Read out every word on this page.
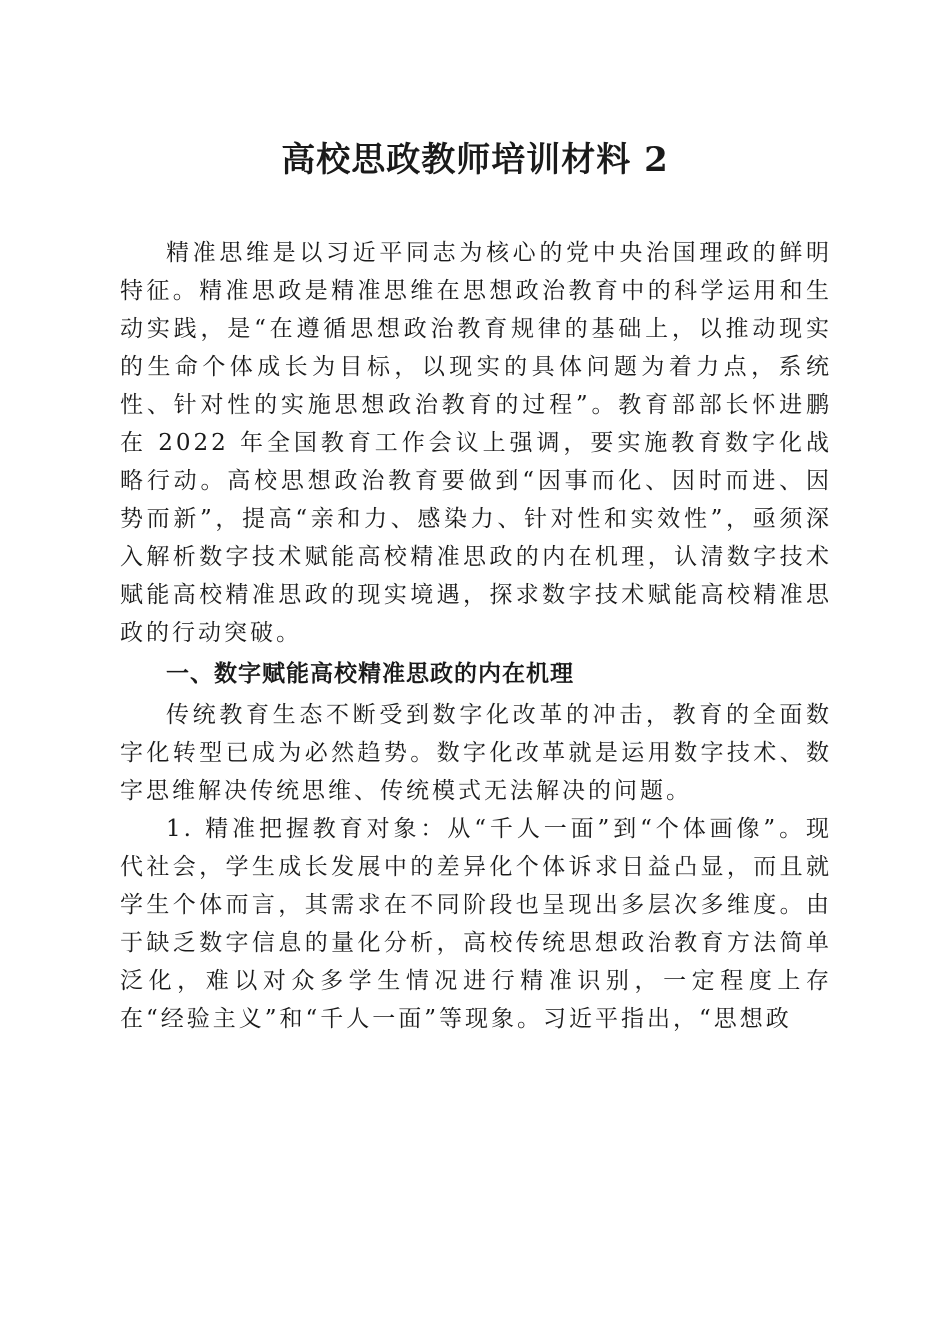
高校思政教师培训材料 2

精准思维是以习近平同志为核心的党中央治国理政的鲜明特征。精准思政是精准思维在思想政治教育中的科学运用和生动实践，是“在遵循思想政治教育规律的基础上，以推动现实的生命个体成长为目标，以现实的具体问题为着力点，系统性、针对性的实施思想政治教育的过程”。教育部部长怀进鹏在 2022 年全国教育工作会议上强调，要实施教育数字化战略行动。高校思想政治教育要做到“因事而化、因时而进、因势而新”，提高“亲和力、感染力、针对性和实效性”，亟须深入解析数字技术赋能高校精准思政的内在机理，认清数字技术赋能高校精准思政的现实境遇，探求数字技术赋能高校精准思政的行动突破。

一、数字赋能高校精准思政的内在机理

传统教育生态不断受到数字化改革的冲击，教育的全面数字化转型已成为必然趋势。数字化改革就是运用数字技术、数字思维解决传统思维、传统模式无法解决的问题。

1. 精准把握教育对象：从“千人一面”到“个体画像”。现代社会，学生成长发展中的差异化个体诉求日益凸显，而且就学生个体而言，其需求在不同阶段也呈现出多层次多维度。由于缺乏数字信息的量化分析，高校传统思想政治教育方法简单泛化，难以对众多学生情况进行精准识别，一定程度上存在“经验主义”和“千人一面”等现象。习近平指出，“思想政
